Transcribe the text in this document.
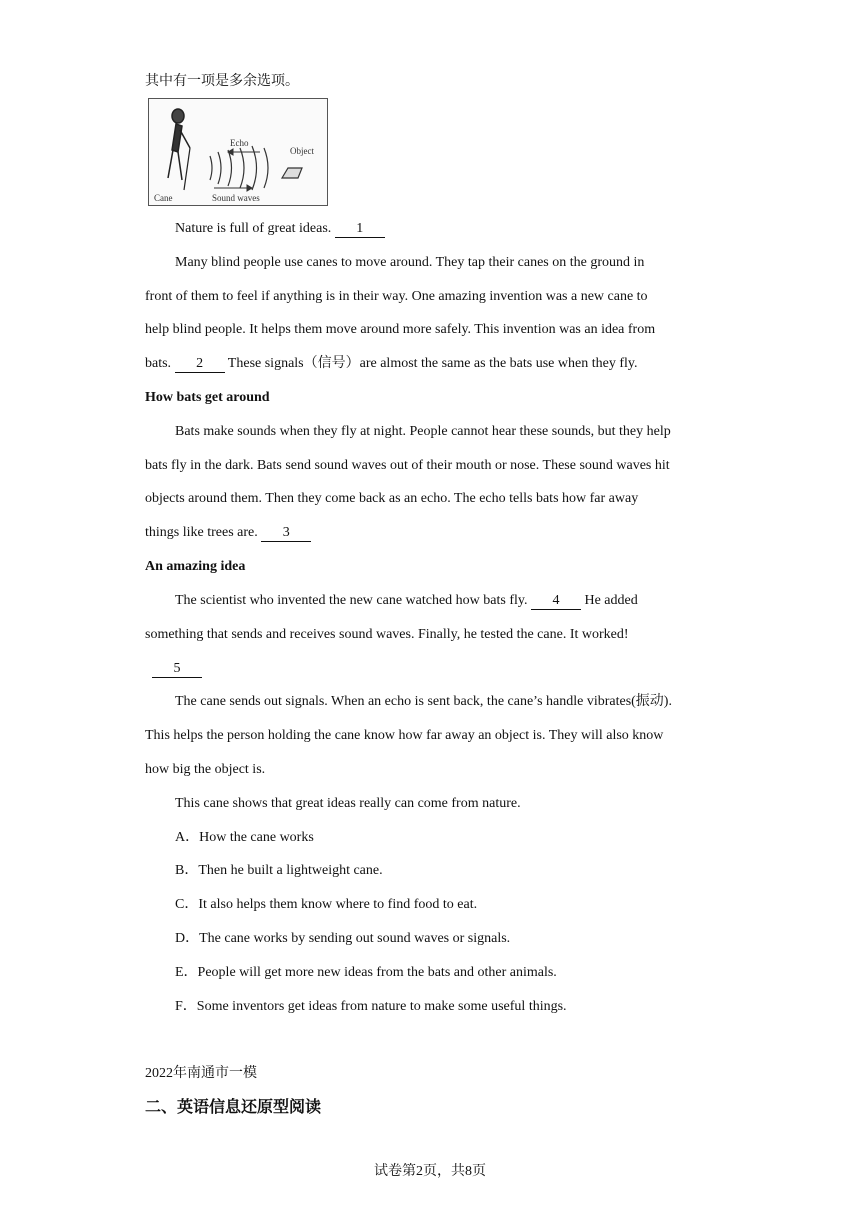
其中有一项是多余选项。
Echo
Object
Cane	Sound waves
Nature is full of great ideas. 1
Many blind people use canes to move around. They tap their canes on the ground in
front of them to feel if anything is in their way. One amazing invention was a new cane to
help blind people. It helps them move around more safely. This invention was an idea from
bats. 2 These signals（信号）are almost the same as the bats use when they fly.
How bats get around
Bats make sounds when they fly at night. People cannot hear these sounds, but they help
bats fly in the dark. Bats send sound waves out of their mouth or nose. These sound waves hit
objects around them. Then they come back as an echo. The echo tells bats how far away
things like trees are. 3
An amazing idea
The scientist who invented the new cane watched how bats fly. 4 He added
something that sends and receives sound waves. Finally, he tested the cane. It worked!
5
The cane sends out signals. When an echo is sent back, the cane’s handle vibrates(振动).
This helps the person holding the cane know how far away an object is. They will also know
how big the object is.
This cane shows that great ideas really can come from nature.
A．How the cane works
B．Then he built a lightweight cane.
C．It also helps them know where to find food to eat.
D．The cane works by sending out sound waves or signals.
E．People will get more new ideas from the bats and other animals.
F．Some inventors get ideas from nature to make some useful things.
2022年南通市一模
二、英语信息还原型阅读
试卷第2页，共8页
